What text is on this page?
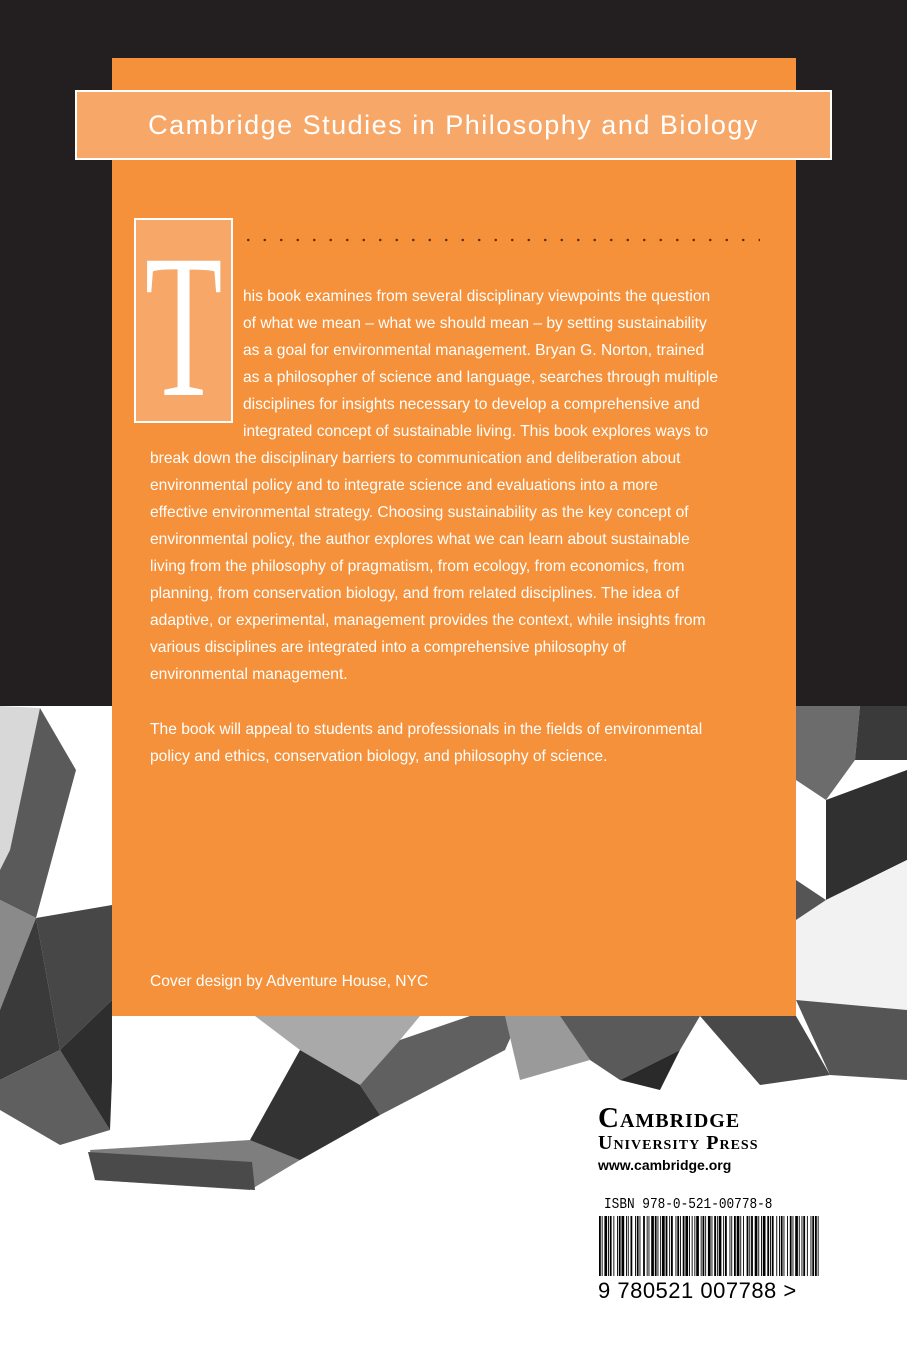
Cambridge Studies in Philosophy and Biology
T his book examines from several disciplinary viewpoints the question

of what we mean – what we should mean – by setting sustainability

as a goal for environmental management. Bryan G. Norton, trained

as a philosopher of science and language, searches through multiple

disciplines for insights necessary to develop a comprehensive and

integrated concept of sustainable living. This book explores ways to

break down the disciplinary barriers to communication and deliberation about

environmental policy and to integrate science and evaluations into a more

effective environmental strategy. Choosing sustainability as the key concept of

environmental policy, the author explores what we can learn about sustainable

living from the philosophy of pragmatism, from ecology, from economics, from

planning, from conservation biology, and from related disciplines. The idea of

adaptive, or experimental, management provides the context, while insights from

various disciplines are integrated into a comprehensive philosophy of

environmental management.

The book will appeal to students and professionals in the fields of environmental

policy and ethics, conservation biology, and philosophy of science.

Cover design by Adventure House, NYC

Cambridge
University Press
www.cambridge.org
ISBN 978-0-521-00778-8
9 780521 007788 >
